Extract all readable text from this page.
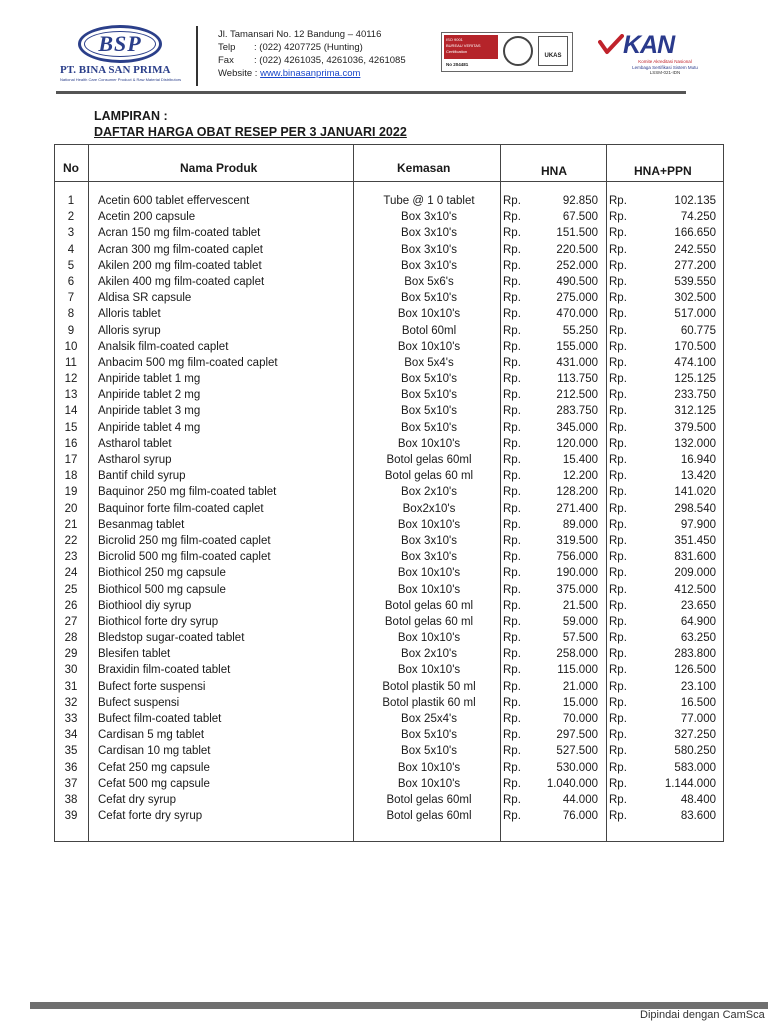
BSP
PT. BINA SAN PRIMA
National Health Care Consumer Product & Raw Material Distributors
Jl. Tamansari No. 12 Bandung – 40116
Telp : (022) 4207725 (Hunting)
Fax : (022) 4261035, 4261036, 4261085
Website : www.binasanprima.com
ISO 9001
BUREAU VERITAS
Certification
UKAS
No 204481
KAN
Komite Akreditasi Nasional
Lembaga Sertifikasi Sistem Mutu
LSSM-021-IDN
LAMPIRAN :
DAFTAR HARGA OBAT RESEP PER 3 JANUARI 2022
No	Nama Produk	Kemasan	HNA	HNA+PPN
1	Acetin 600 tablet effervescent	Tube @ 1 0 tablet	Rp.	92.850 Rp.	102.135
2	Acetin 200 capsule	Box 3x10's	Rp.	67.500 Rp.	74.250
3	Acran 150 mg film-coated tablet	Box 3x10's	Rp.	151.500 Rp.	166.650
4	Acran 300 mg film-coated caplet	Box 3x10's	Rp.	220.500 Rp.	242.550
5	Akilen 200 mg film-coated tablet	Box 3x10's	Rp.	252.000 Rp.	277.200
6	Akilen 400 mg film-coated caplet	Box 5x6's	Rp.	490.500 Rp.	539.550
7	Aldisa SR capsule	Box 5x10's	Rp.	275.000 Rp.	302.500
8	Alloris tablet	Box 10x10's	Rp.	470.000 Rp.	517.000
9	Alloris syrup	Botol 60ml	Rp.	55.250 Rp.	60.775
10	Analsik film-coated caplet	Box 10x10's	Rp.	155.000 Rp.	170.500
11	Anbacim 500 mg film-coated caplet	Box 5x4's	Rp.	431.000 Rp.	474.100
12	Anpiride tablet 1 mg	Box 5x10's	Rp.	113.750 Rp.	125.125
13	Anpiride tablet 2 mg	Box 5x10's	Rp.	212.500 Rp.	233.750
14	Anpiride tablet 3 mg	Box 5x10's	Rp.	283.750 Rp.	312.125
15	Anpiride tablet 4 mg	Box 5x10's	Rp.	345.000 Rp.	379.500
16	Astharol tablet	Box 10x10's	Rp.	120.000 Rp.	132.000
17	Astharol syrup	Botol gelas 60ml	Rp.	15.400 Rp.	16.940
18	Bantif child syrup	Botol gelas 60 ml	Rp.	12.200 Rp.	13.420
19	Baquinor 250 mg film-coated tablet	Box 2x10's	Rp.	128.200 Rp.	141.020
20	Baquinor forte film-coated caplet	Box2x10's	Rp.	271.400 Rp.	298.540
21	Besanmag tablet	Box 10x10's	Rp.	89.000 Rp.	97.900
22	Bicrolid 250 mg film-coated caplet	Box 3x10's	Rp.	319.500 Rp.	351.450
23	Bicrolid 500 mg film-coated caplet	Box 3x10's	Rp.	756.000 Rp.	831.600
24	Biothicol 250 mg capsule	Box 10x10's	Rp.	190.000 Rp.	209.000
25	Biothicol 500 mg capsule	Box 10x10's	Rp.	375.000 Rp.	412.500
26	Biothiool diy syrup	Botol gelas 60 ml	Rp.	21.500 Rp.	23.650
27	Biothicol forte dry syrup	Botol gelas 60 ml	Rp.	59.000 Rp.	64.900
28	Bledstop sugar-coated tablet	Box 10x10's	Rp.	57.500 Rp.	63.250
29	Blesifen tablet	Box 2x10's	Rp.	258.000 Rp.	283.800
30	Braxidin film-coated tablet	Box 10x10's	Rp.	115.000 Rp.	126.500
31	Bufect forte suspensi	Botol plastik 50 ml	Rp.	21.000 Rp.	23.100
32	Bufect suspensi	Botol plastik 60 ml	Rp.	15.000 Rp.	16.500
33	Bufect film-coated tablet	Box 25x4's	Rp.	70.000 Rp.	77.000
34	Cardisan 5 mg tablet	Box 5x10's	Rp.	297.500 Rp.	327.250
35	Cardisan 10 mg tablet	Box 5x10's	Rp.	527.500 Rp.	580.250
36	Cefat 250 mg capsule	Box 10x10's	Rp.	530.000 Rp.	583.000
37	Cefat 500 mg capsule	Box 10x10's	Rp.	1.040.000 Rp.	1.144.000
38	Cefat dry syrup	Botol gelas 60ml	Rp.	44.000 Rp.	48.400
39	Cefat forte dry syrup	Botol gelas 60ml	Rp.	76.000 Rp.	83.600
Dipindai dengan CamSca
